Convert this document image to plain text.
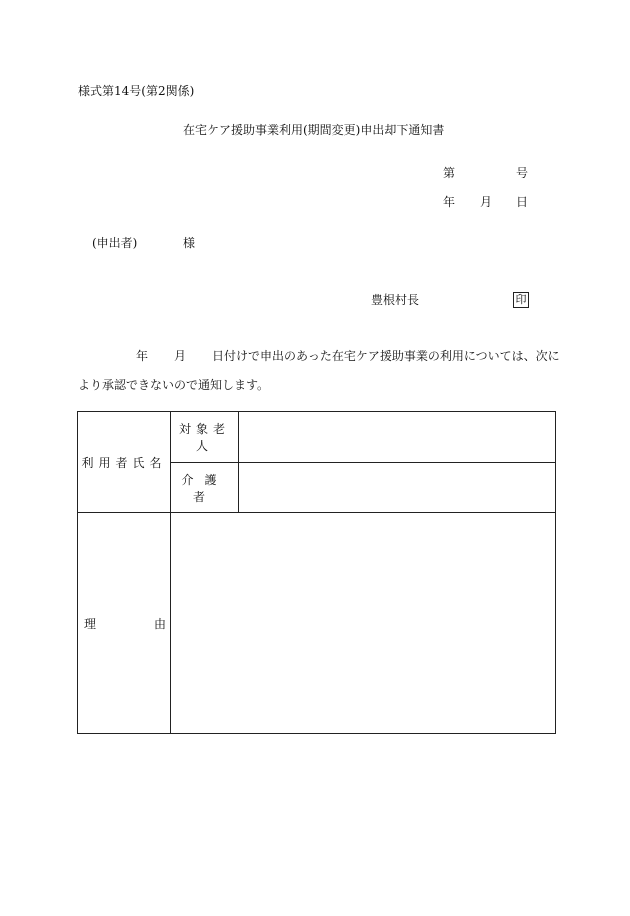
様式第14号(第2関係)
在宅ケア援助事業利用(期間変更)申出却下通知書
第	号
年 月 日
(申出者)	様
豊根村長	印
年 月 日付けで申出のあった在宅ケア援助事業の利用については、次に
より承認できないので通知します。
利用者氏名	対象老人	
	介護者	

理 由		
